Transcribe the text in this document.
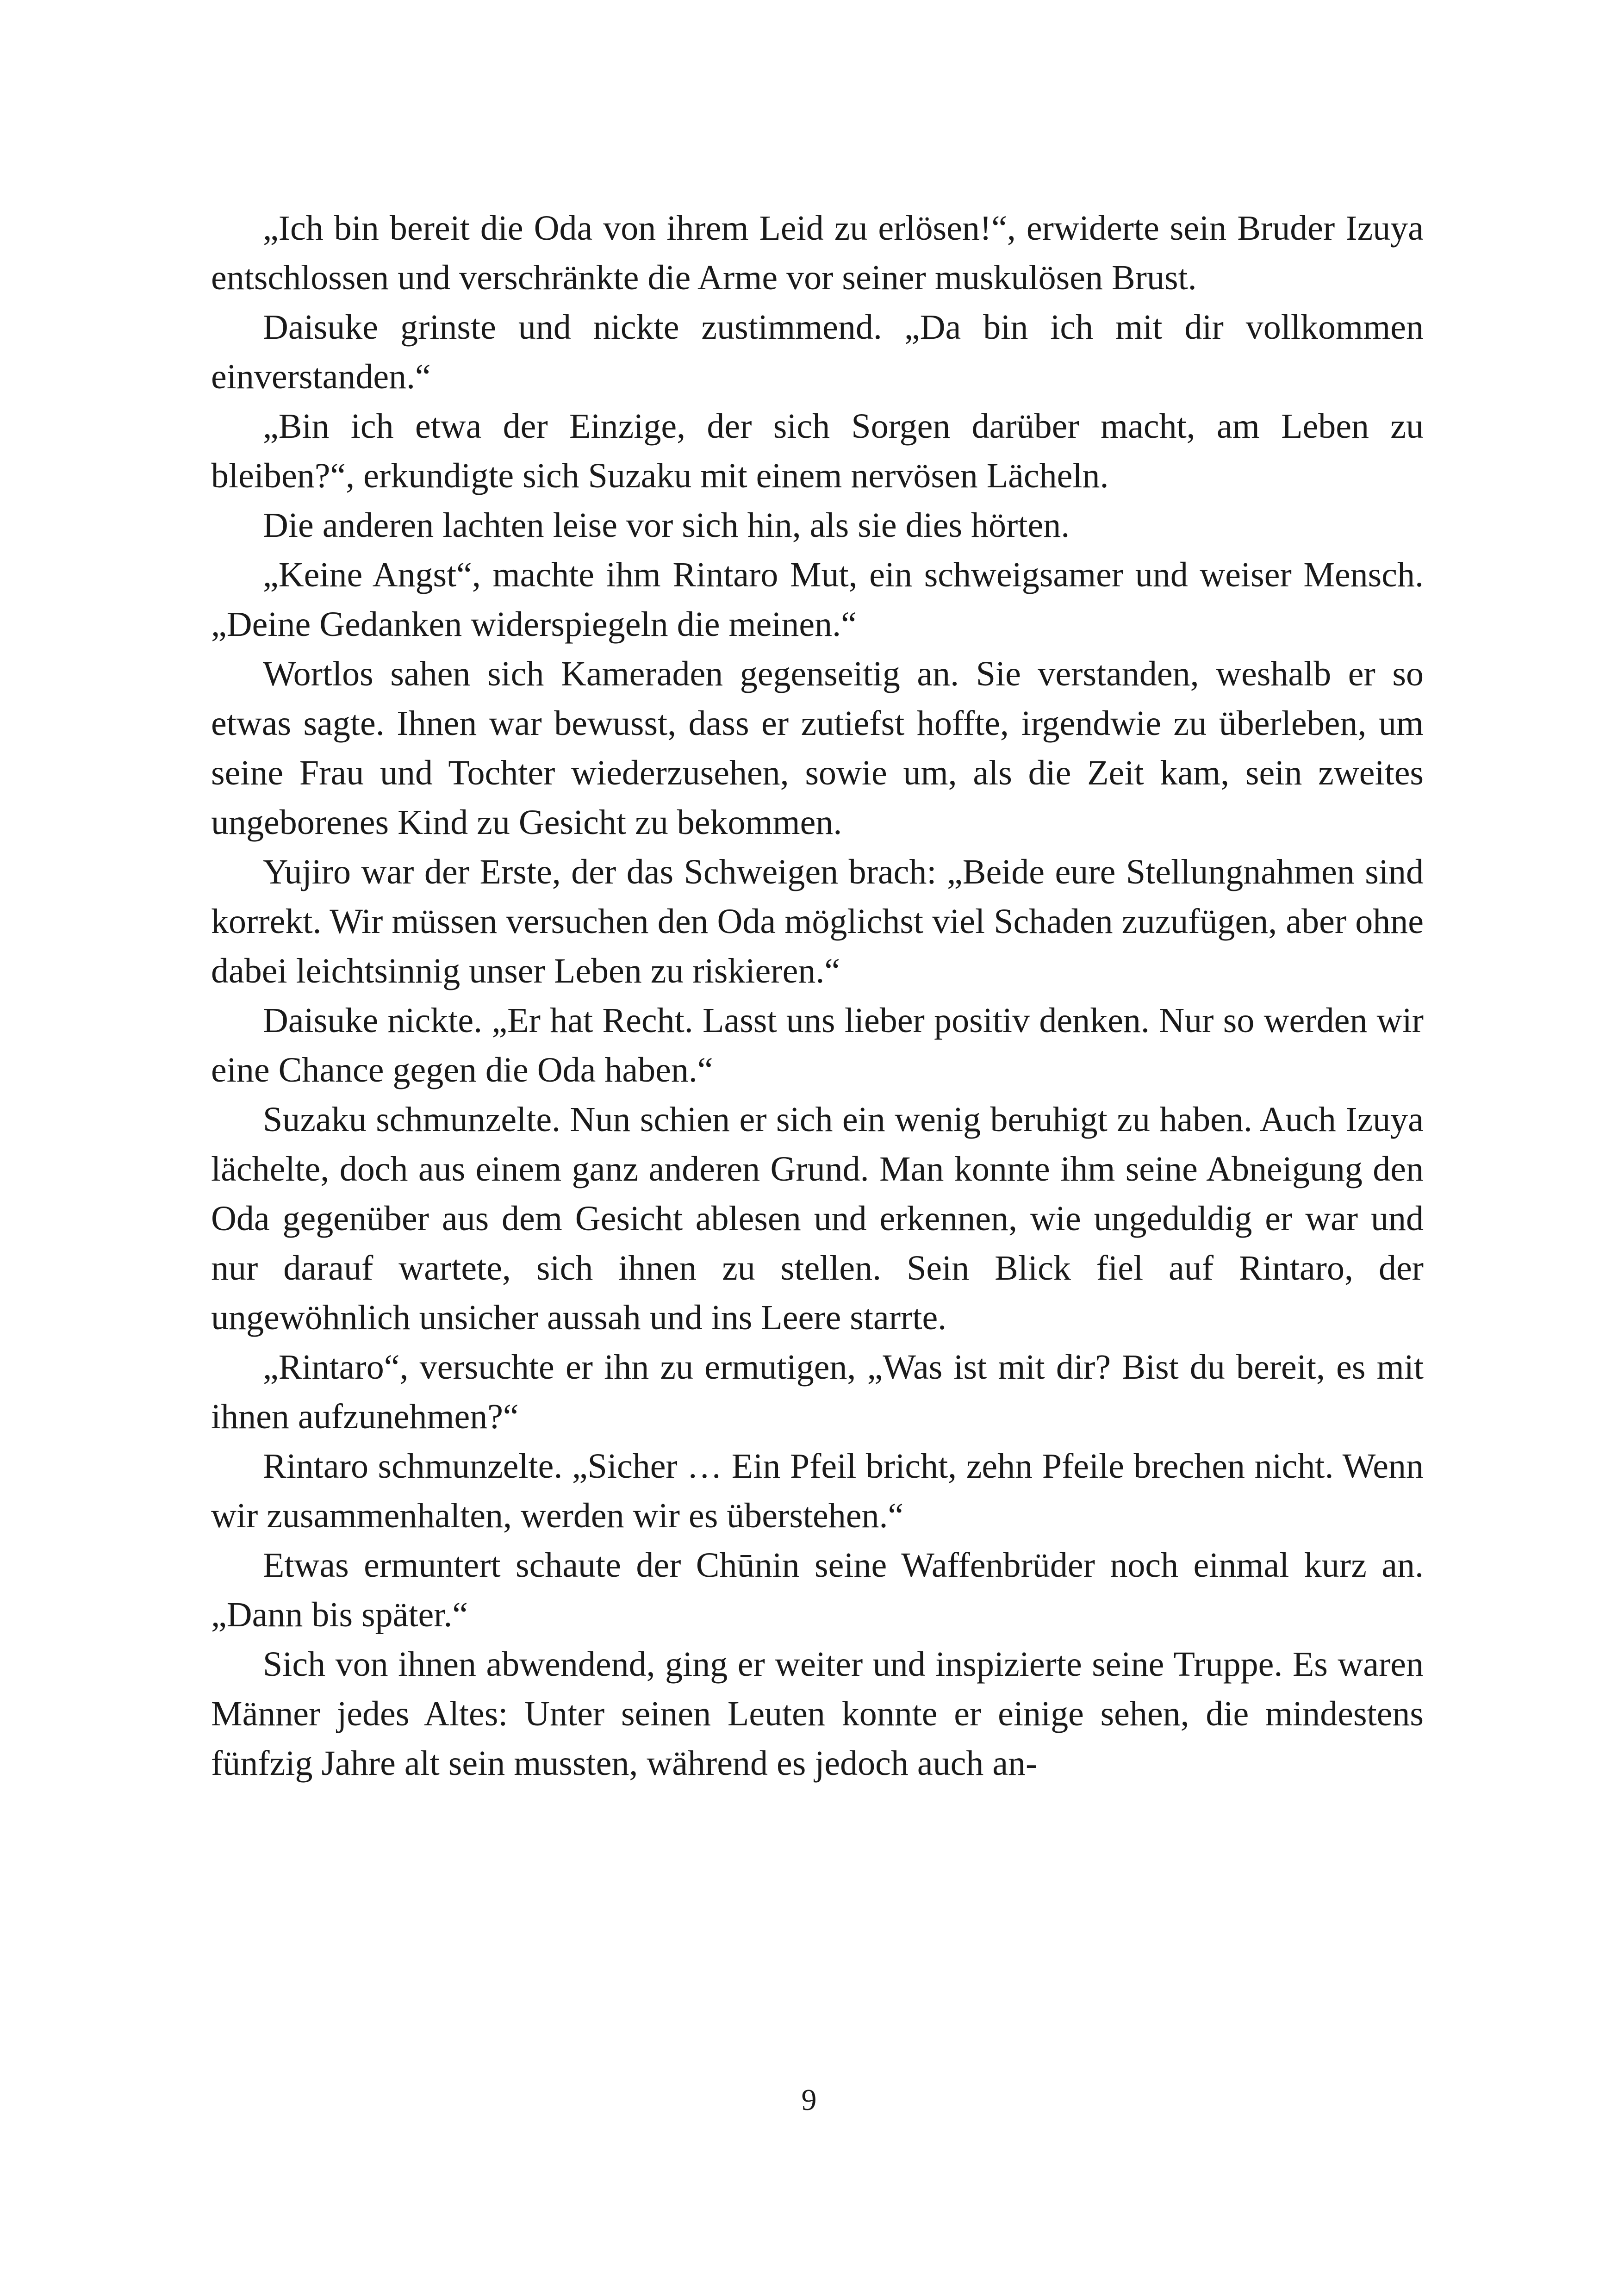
„Ich bin bereit die Oda von ihrem Leid zu erlösen!“, erwiderte sein Bruder Izuya entschlossen und verschränkte die Arme vor seiner muskulösen Brust.

Daisuke grinste und nickte zustimmend. „Da bin ich mit dir vollkommen einverstanden.“

„Bin ich etwa der Einzige, der sich Sorgen darüber macht, am Leben zu bleiben?“, erkundigte sich Suzaku mit einem nervösen Lächeln.

Die anderen lachten leise vor sich hin, als sie dies hörten.

„Keine Angst“, machte ihm Rintaro Mut, ein schweigsamer und weiser Mensch. „Deine Gedanken widerspiegeln die meinen.“

Wortlos sahen sich Kameraden gegenseitig an. Sie verstanden, weshalb er so etwas sagte. Ihnen war bewusst, dass er zutiefst hoffte, irgendwie zu überleben, um seine Frau und Tochter wiederzusehen, sowie um, als die Zeit kam, sein zweites ungeborenes Kind zu Gesicht zu bekommen.

Yujiro war der Erste, der das Schweigen brach: „Beide eure Stellungnahmen sind korrekt. Wir müssen versuchen den Oda möglichst viel Schaden zuzufügen, aber ohne dabei leichtsinnig unser Leben zu riskieren.“

Daisuke nickte. „Er hat Recht. Lasst uns lieber positiv denken. Nur so werden wir eine Chance gegen die Oda haben.“

Suzaku schmunzelte. Nun schien er sich ein wenig beruhigt zu haben. Auch Izuya lächelte, doch aus einem ganz anderen Grund. Man konnte ihm seine Abneigung den Oda gegenüber aus dem Gesicht ablesen und erkennen, wie ungeduldig er war und nur darauf wartete, sich ihnen zu stellen. Sein Blick fiel auf Rintaro, der ungewöhnlich unsicher aussah und ins Leere starrte.

„Rintaro“, versuchte er ihn zu ermutigen, „Was ist mit dir? Bist du bereit, es mit ihnen aufzunehmen?“

Rintaro schmunzelte. „Sicher … Ein Pfeil bricht, zehn Pfeile brechen nicht. Wenn wir zusammenhalten, werden wir es überstehen.“

Etwas ermuntert schaute der Chūnin seine Waffenbrüder noch einmal kurz an. „Dann bis später.“

Sich von ihnen abwendend, ging er weiter und inspizierte seine Truppe. Es waren Männer jedes Altes: Unter seinen Leuten konnte er einige sehen, die mindestens fünfzig Jahre alt sein mussten, während es jedoch auch an-

9
